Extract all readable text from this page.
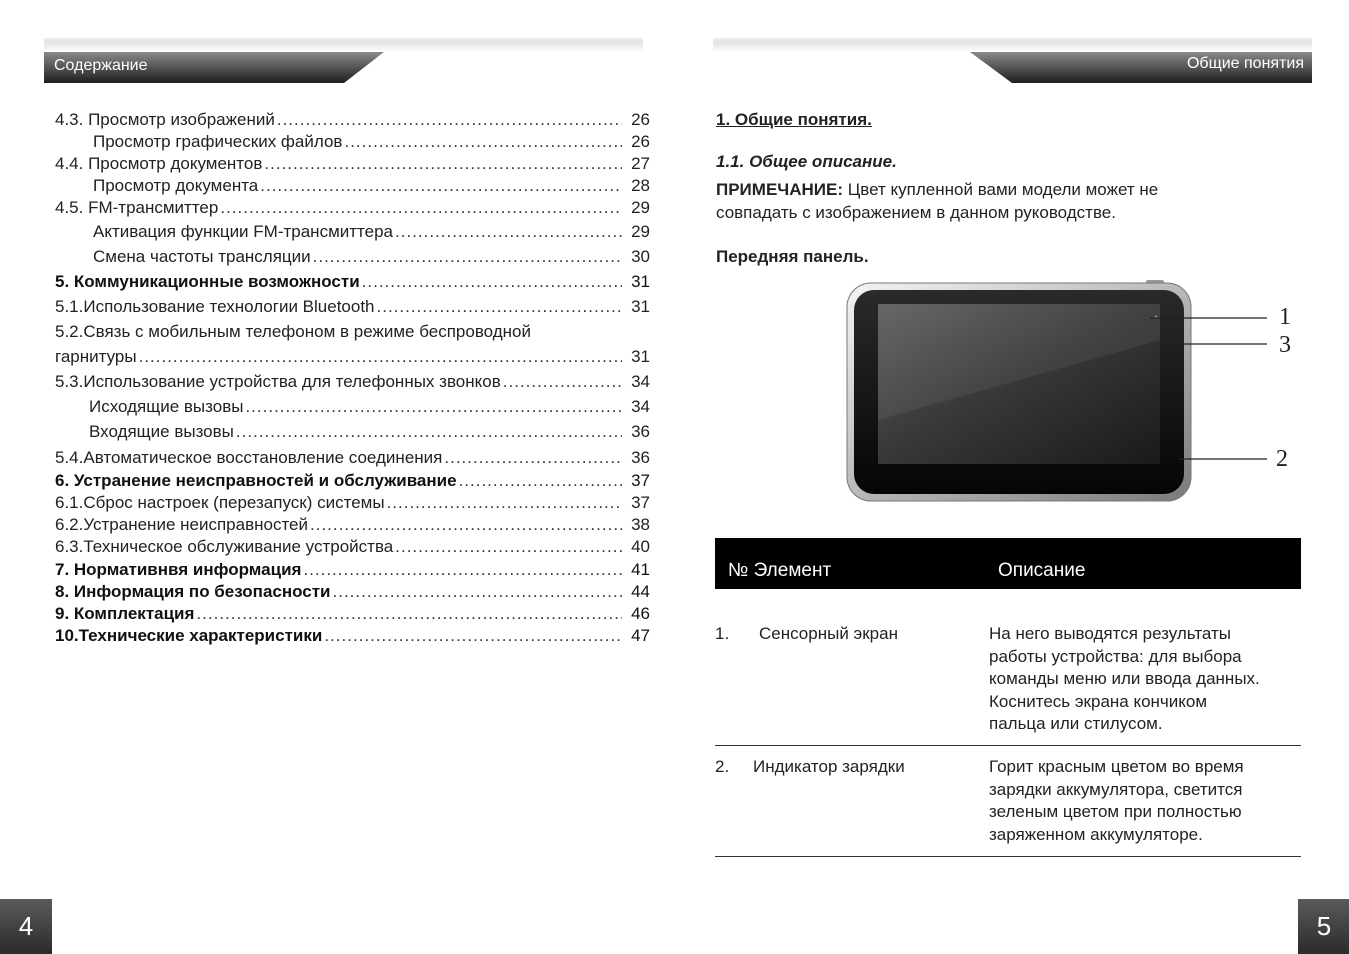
Содержание
4.3. Просмотр изображений .....	26
Просмотр графических файлов .....	26
4.4. Просмотр документов .....	27
Просмотр документа .....	28
4.5. FM-трансмиттер .....	29
Активация функции FM-трансмиттера .....	29
Смена частоты трансляции .....	30
5. Коммуникационные возможности .....	31
5.1.Использование технологии Bluetooth .....	31
5.2.Связь с мобильным телефоном в режиме беспроводной
гарнитуры .....	31
5.3.Использование устройства для телефонных звонков .....	34
Исходящие вызовы .....	34
Входящие вызовы .....	36
5.4.Автоматическое восстановление соединения .....	36
6. Устранение неисправностей и обслуживание .....	37
6.1.Сброс настроек (перезапуск) системы .....	37
6.2.Устранение неисправностей .....	38
6.3.Техническое обслуживание устройства .....	40
7. Нормативнвя информация .....	41
8. Информация по безопасности .....	44
9. Комплектация .....	46
10.Технические характеристики .....	47
4
Общие понятия
5
1. Общие понятия.
1.1. Общее описание.
ПРИМЕЧАНИЕ: Цвет купленной вами модели может не
совпадать с изображением в данном руководстве.
Передняя панель.
1
3
2
№ Элемент	Описание
1. Сенсорный экран	На него выводятся результаты
работы устройства: для выбора
команды меню или ввода данных.
Коснитесь экрана кончиком
пальца или стилусом.
2. Индикатор зарядки	Горит красным цветом во время
зарядки аккумулятора, светится
зеленым цветом при полностью
заряженном аккумуляторе.
